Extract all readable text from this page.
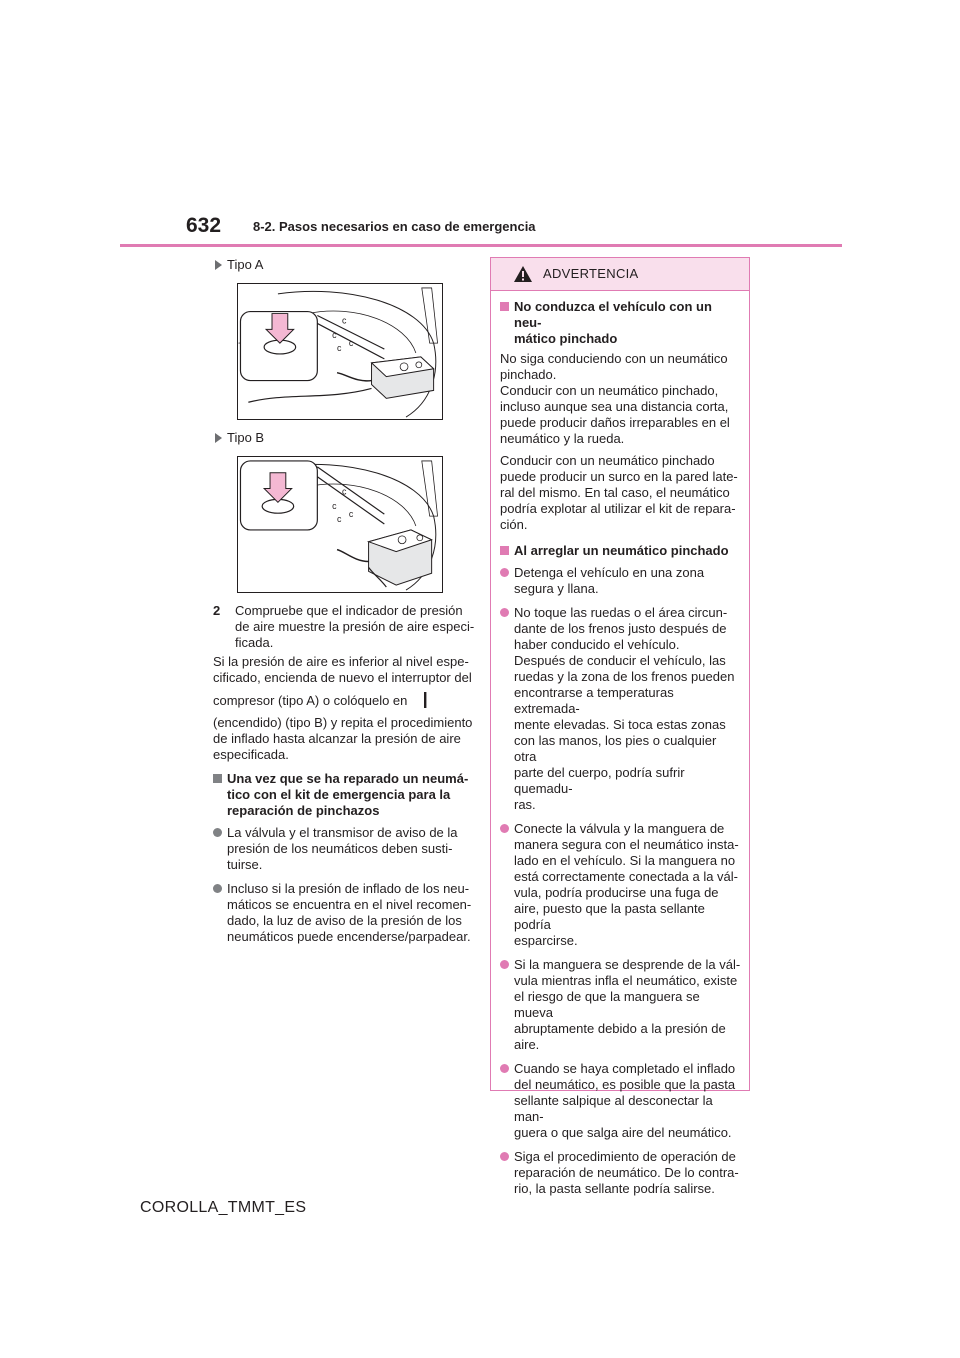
632 8-2. Pasos necesarios en caso de emergencia
Tipo A
c
c
c c
Tipo B
c
c
c c
2 Compruebe que el indicador de presión
de aire muestre la presión de aire especi-
ficada.
Si la presión de aire es inferior al nivel espe-
cificado, encienda de nuevo el interruptor del
compresor (tipo A) o colóquelo en
(encendido) (tipo B) y repita el procedimiento
de inflado hasta alcanzar la presión de aire
especificada.
Una vez que se ha reparado un neumá-
tico con el kit de emergencia para la
reparación de pinchazos
La válvula y el transmisor de aviso de la
presión de los neumáticos deben susti-
tuirse.
Incluso si la presión de inflado de los neu-
máticos se encuentra en el nivel recomen-
dado, la luz de aviso de la presión de los
neumáticos puede encenderse/parpadear.
ADVERTENCIA
No conduzca el vehículo con un neu-
mático pinchado
No siga conduciendo con un neumático
pinchado.
Conducir con un neumático pinchado,
incluso aunque sea una distancia corta,
puede producir daños irreparables en el
neumático y la rueda.
Conducir con un neumático pinchado
puede producir un surco en la pared late-
ral del mismo. En tal caso, el neumático
podría explotar al utilizar el kit de repara-
ción.
Al arreglar un neumático pinchado
Detenga el vehículo en una zona
segura y llana.
No toque las ruedas o el área circun-
dante de los frenos justo después de
haber conducido el vehículo.
Después de conducir el vehículo, las
ruedas y la zona de los frenos pueden
encontrarse a temperaturas extremada-
mente elevadas. Si toca estas zonas
con las manos, los pies o cualquier otra
parte del cuerpo, podría sufrir quemadu-
ras.
Conecte la válvula y la manguera de
manera segura con el neumático insta-
lado en el vehículo. Si la manguera no
está correctamente conectada a la vál-
vula, podría producirse una fuga de
aire, puesto que la pasta sellante podría
esparcirse.
Si la manguera se desprende de la vál-
vula mientras infla el neumático, existe
el riesgo de que la manguera se mueva
abruptamente debido a la presión de
aire.
Cuando se haya completado el inflado
del neumático, es posible que la pasta
sellante salpique al desconectar la man-
guera o que salga aire del neumático.
Siga el procedimiento de operación de
reparación de neumático. De lo contra-
rio, la pasta sellante podría salirse.
COROLLA_TMMT_ES
